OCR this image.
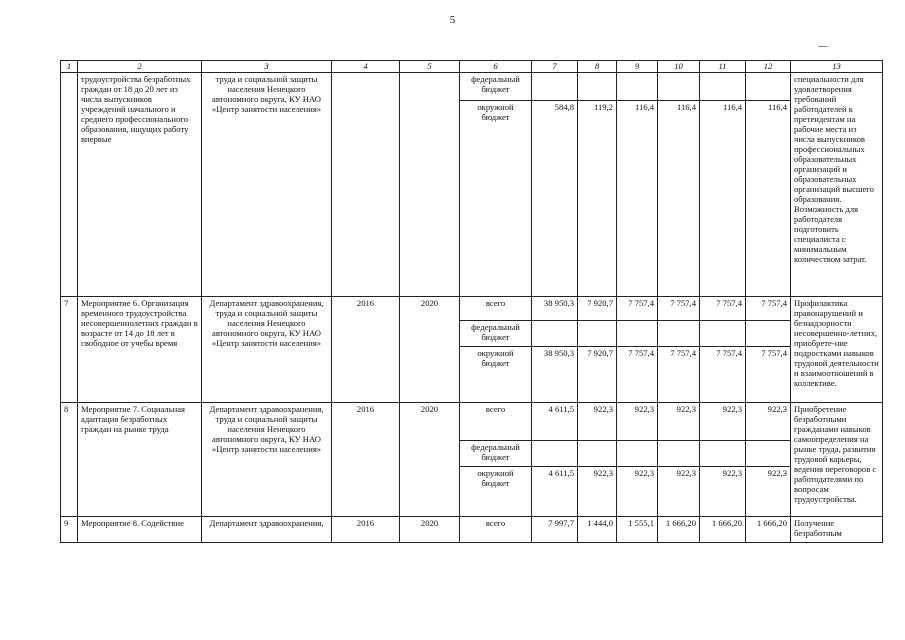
5
1	2	3	4	5	6	7	8	9	10	11	12	13
	трудоустройства безработных граждан от 18 до 20 лет из числа выпускников учреждений начального и среднего профессионального образования, ищущих работу впервые	труда и социальной защиты населения Ненецкого автономного округа, КУ НАО «Центр занятости населения»			федеральный бюджет							специальности для удовлетворения требований работодателей к претендентам на рабочие места из числа выпускников профессиональных образовательных организаций и образовательных организаций высшего образования. Возможность для работодателя подготовить специалиста с минимальным количеством затрат.
					окружной бюджет	584,8	119,2	116,4	116,4	116,4	116,4	
7	Мероприятие 6. Организация временного трудоустройства несовершеннолетних граждан в возрасте от 14 до 18 лет в свободное от учебы время	Департамент здравоохранения, труда и социальной защиты населения Ненецкого автономного округа, КУ НАО «Центр занятости населения»	2016	2020	всего	38 950,3	7 920,7	7 757,4	7 757,4	7 757,4	7 757,4	Профилактика правонарушений и безнадзорности несовершенно-летних, приобрете-ние подростками навыков трудовой деятельности и взаимоотношений в коллективе.
					федеральный бюджет							
					окружной бюджет	38 950,3	7 920,7	7 757,4	7 757,4	7 757,4	7 757,4	
8	Мероприятие 7. Социальная адаптация безработных граждан на рынке труда	Департамент здравоохранения, труда и социальной защиты населения Ненецкого автономного округа, КУ НАО «Центр занятости населения»	2016	2020	всего	4 611,5	922,3	922,3	922,3	922,3	922,3	Приобретение безработными гражданами навыков самоопределения на рынке труда, развития трудовой карьеры, ведения переговоров с работодателями по вопросам трудоустройства.
					федеральный бюджет							
					окружной бюджет	4 611,5	922,3	922,3	922,3	922,3	922,3	
9	Мероприятие 8. Содействие	Департамент здравоохранения,	2016	2020	всего	7 997,7	1 444,0	1 555,1	1 666,20	1 666,20	1 666,20	Получение безработным
